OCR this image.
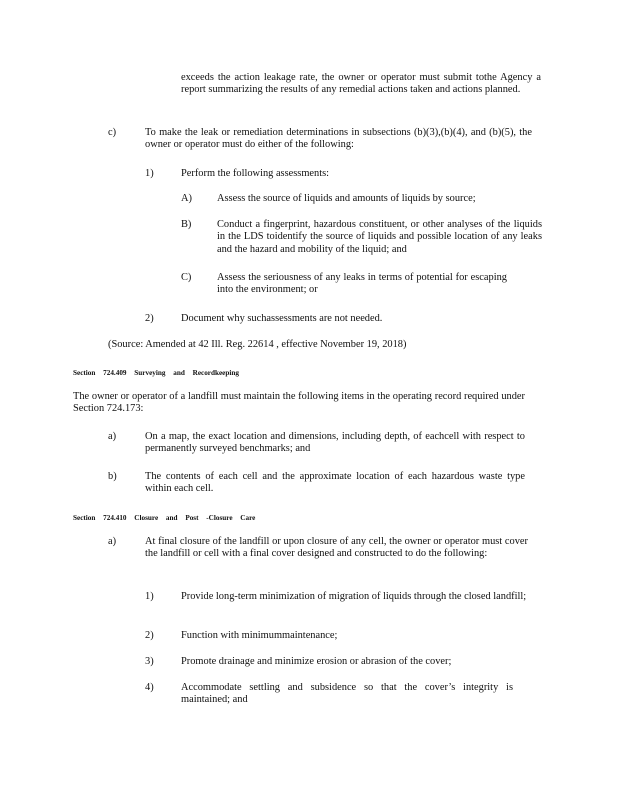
exceeds the action leakage rate, the owner or operator must submit tothe Agency a report summarizing the results of any remedial actions taken and actions planned.

c)	To make the leak or remediation determinations in subsections (b)(3),(b)(4), and (b)(5), the owner or operator must do either of the following:

1)	Perform the following assessments:

A) Assess the source of liquids and amounts of liquids by source;

B) Conduct a fingerprint, hazardous constituent, or other analyses of the liquids in the LDS toidentify the source of liquids and possible location of any leaks and the hazard and mobility of the liquid; and

C) Assess the seriousness of any leaks in terms of potential for escaping into the environment; or

2)	Document why suchassessments are not needed.

(Source: Amended at 42 Ill. Reg. 22614 , effective November 19, 2018)

Section 724.409 Surveying and Recordkeeping

The owner or operator of a landfill must maintain the following items in the operating record required under Section 724.173:

a)	On a map, the exact location and dimensions, including depth, of eachcell with respect to permanently surveyed benchmarks; and

b)	The contents of each cell and the approximate location of each hazardous waste type within each cell.

Section 724.410 Closure and Post -Closure Care
a)	At final closure of the landfill or upon closure of any cell, the owner or operator must cover the landfill or cell with a final cover designed and constructed to do the following:

1)	Provide long-term minimization of migration of liquids through the closed landfill;

2)	Function with minimummaintenance;

3)	Promote drainage and minimize erosion or abrasion of the cover;

4)	Accommodate settling and subsidence so that the cover’s integrity is maintained; and
